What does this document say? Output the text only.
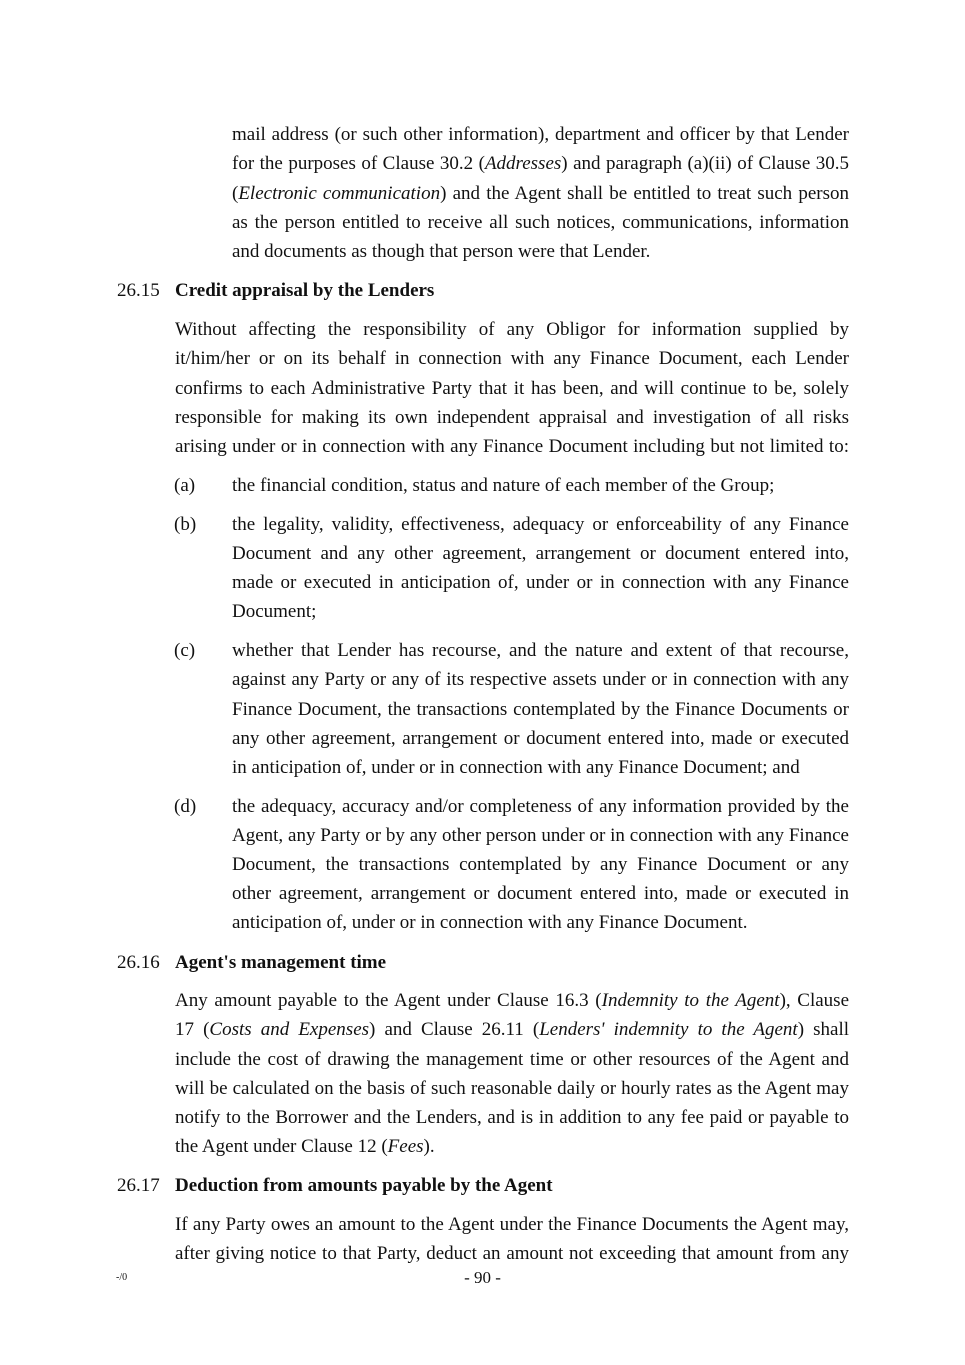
mail address (or such other information), department and officer by that Lender
for the purposes of Clause 30.2 (Addresses) and paragraph (a)(ii) of Clause 30.5
(Electronic communication) and the Agent shall be entitled to treat such person
as the person entitled to receive all such notices, communications, information
and documents as though that person were that Lender.
26.15 Credit appraisal by the Lenders
Without affecting the responsibility of any Obligor for information supplied by
it/him/her or on its behalf in connection with any Finance Document, each Lender
confirms to each Administrative Party that it has been, and will continue to be, solely
responsible for making its own independent appraisal and investigation of all risks
arising under or in connection with any Finance Document including but not limited to:
(a) the financial condition, status and nature of each member of the Group;
(b) the legality, validity, effectiveness, adequacy or enforceability of any Finance
Document and any other agreement, arrangement or document entered into,
made or executed in anticipation of, under or in connection with any Finance
Document;
(c) whether that Lender has recourse, and the nature and extent of that recourse,
against any Party or any of its respective assets under or in connection with any
Finance Document, the transactions contemplated by the Finance Documents or
any other agreement, arrangement or document entered into, made or executed
in anticipation of, under or in connection with any Finance Document; and
(d) the adequacy, accuracy and/or completeness of any information provided by the
Agent, any Party or by any other person under or in connection with any Finance
Document, the transactions contemplated by any Finance Document or any
other agreement, arrangement or document entered into, made or executed in
anticipation of, under or in connection with any Finance Document.
26.16 Agent's management time
Any amount payable to the Agent under Clause 16.3 (Indemnity to the Agent), Clause
17 (Costs and Expenses) and Clause 26.11 (Lenders' indemnity to the Agent) shall
include the cost of drawing the management time or other resources of the Agent and
will be calculated on the basis of such reasonable daily or hourly rates as the Agent may
notify to the Borrower and the Lenders, and is in addition to any fee paid or payable to
the Agent under Clause 12 (Fees).
26.17 Deduction from amounts payable by the Agent
If any Party owes an amount to the Agent under the Finance Documents the Agent may,
after giving notice to that Party, deduct an amount not exceeding that amount from any
-/0	- 90 -
